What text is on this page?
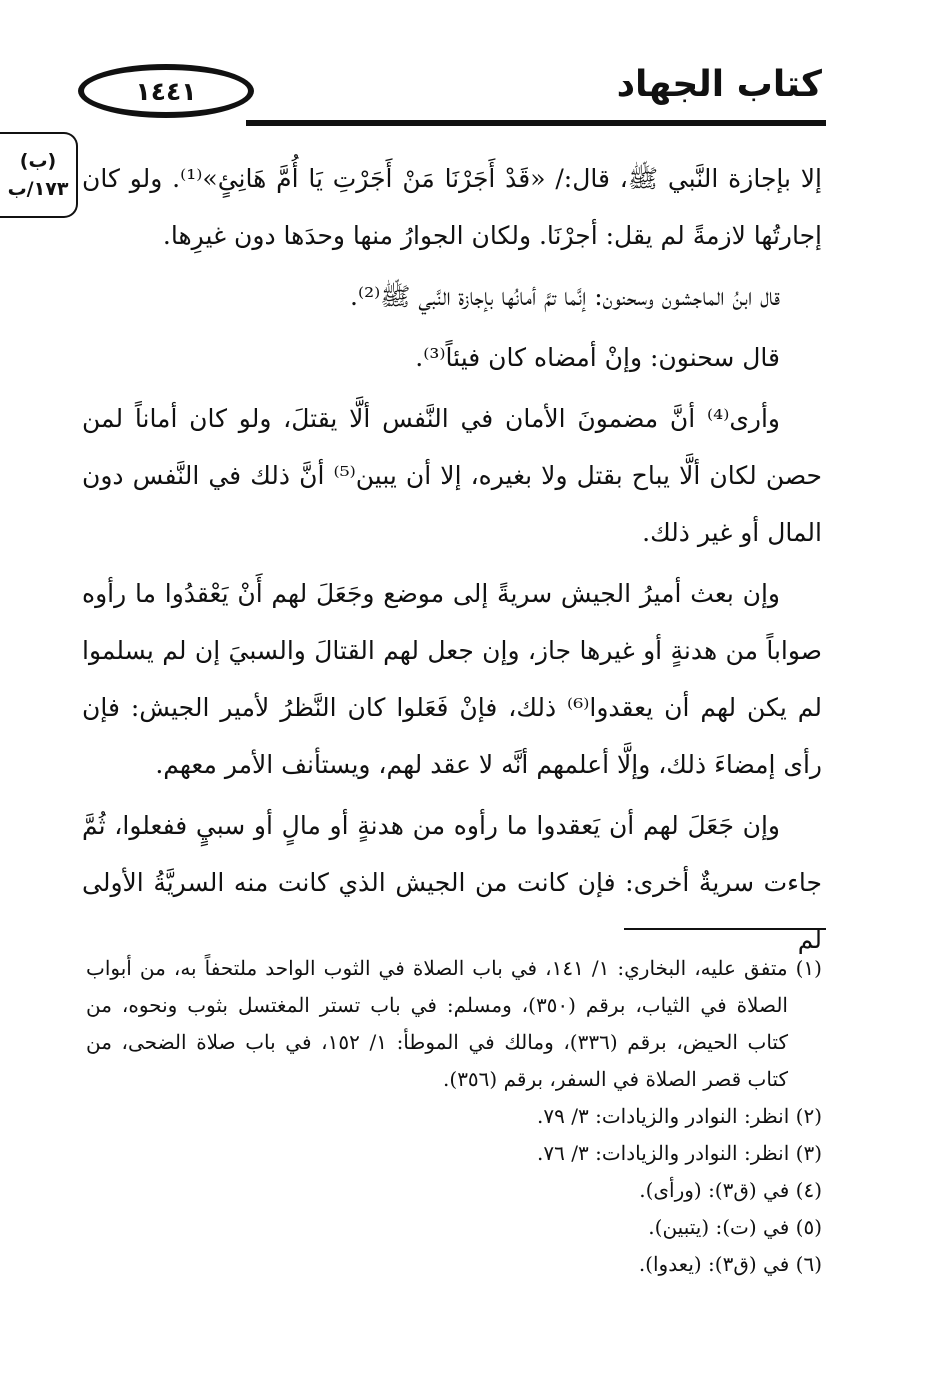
١٤٤١	كتاب الجهاد
(ب)
١٧٣/ب إلا بإجازة النَّبي ﷺ، قال:/ «قَدْ أَجَرْنَا مَنْ أَجَرْتِ يَا أُمَّ هَانِئٍ»⁽¹⁾. ولو كان إجارتُها لازمةً لم يقل: أجرْنَا. ولكان الجوارُ منها وحدَها دون غيرِها.

قال ابنُ الماجشون وسحنون: إنَّما تمَّ أمانُها بإجازة النَّبي ﷺ⁽²⁾.

قال سحنون: وإنْ أمضاه كان فيئاً⁽³⁾.

وأرى⁽⁴⁾ أنَّ مضمونَ الأمان في النَّفس ألَّا يقتلَ، ولو كان أماناً لمن حصن لكان ألَّا يباح بقتل ولا بغيره، إلا أن يبين⁽⁵⁾ أنَّ ذلك في النَّفس دون المال أو غير ذلك.

وإن بعث أميرُ الجيش سريةً إلى موضع وجَعَلَ لهم أَنْ يَعْقدُوا ما رأوه صواباً من هدنةٍ أو غيرها جاز، وإن جعل لهم القتالَ والسبيَ إن لم يسلموا لم يكن لهم أن يعقدوا⁽⁶⁾ ذلك، فإنْ فَعَلوا كان النَّظرُ لأمير الجيش: فإن رأى إمضاءَ ذلك، وإلَّا أعلمهم أنَّه لا عقد لهم، ويستأنف الأمر معهم.

وإن جَعَلَ لهم أن يَعقدوا ما رأوه من هدنةٍ أو مالٍ أو سبيٍ ففعلوا، ثُمَّ جاءت سريةٌ أخرى: فإن كانت من الجيش الذي كانت منه السريَّةُ الأولى لم

(١) متفق عليه، البخاري: ١/ ١٤١، في باب الصلاة في الثوب الواحد ملتحفاً به، من أبواب الصلاة في الثياب، برقم (٣٥٠)، ومسلم: في باب تستر المغتسل بثوب ونحوه، من كتاب الحيض، برقم (٣٣٦)، ومالك في الموطأ: ١/ ١٥٢، في باب صلاة الضحى، من كتاب قصر الصلاة في السفر، برقم (٣٥٦).

(٢) انظر: النوادر والزيادات: ٣/ ٧٩.

(٣) انظر: النوادر والزيادات: ٣/ ٧٦.

(٤) في (ق٣): (ورأى).

(٥) في (ت): (يتبين).

(٦) في (ق٣): (يعدوا).
